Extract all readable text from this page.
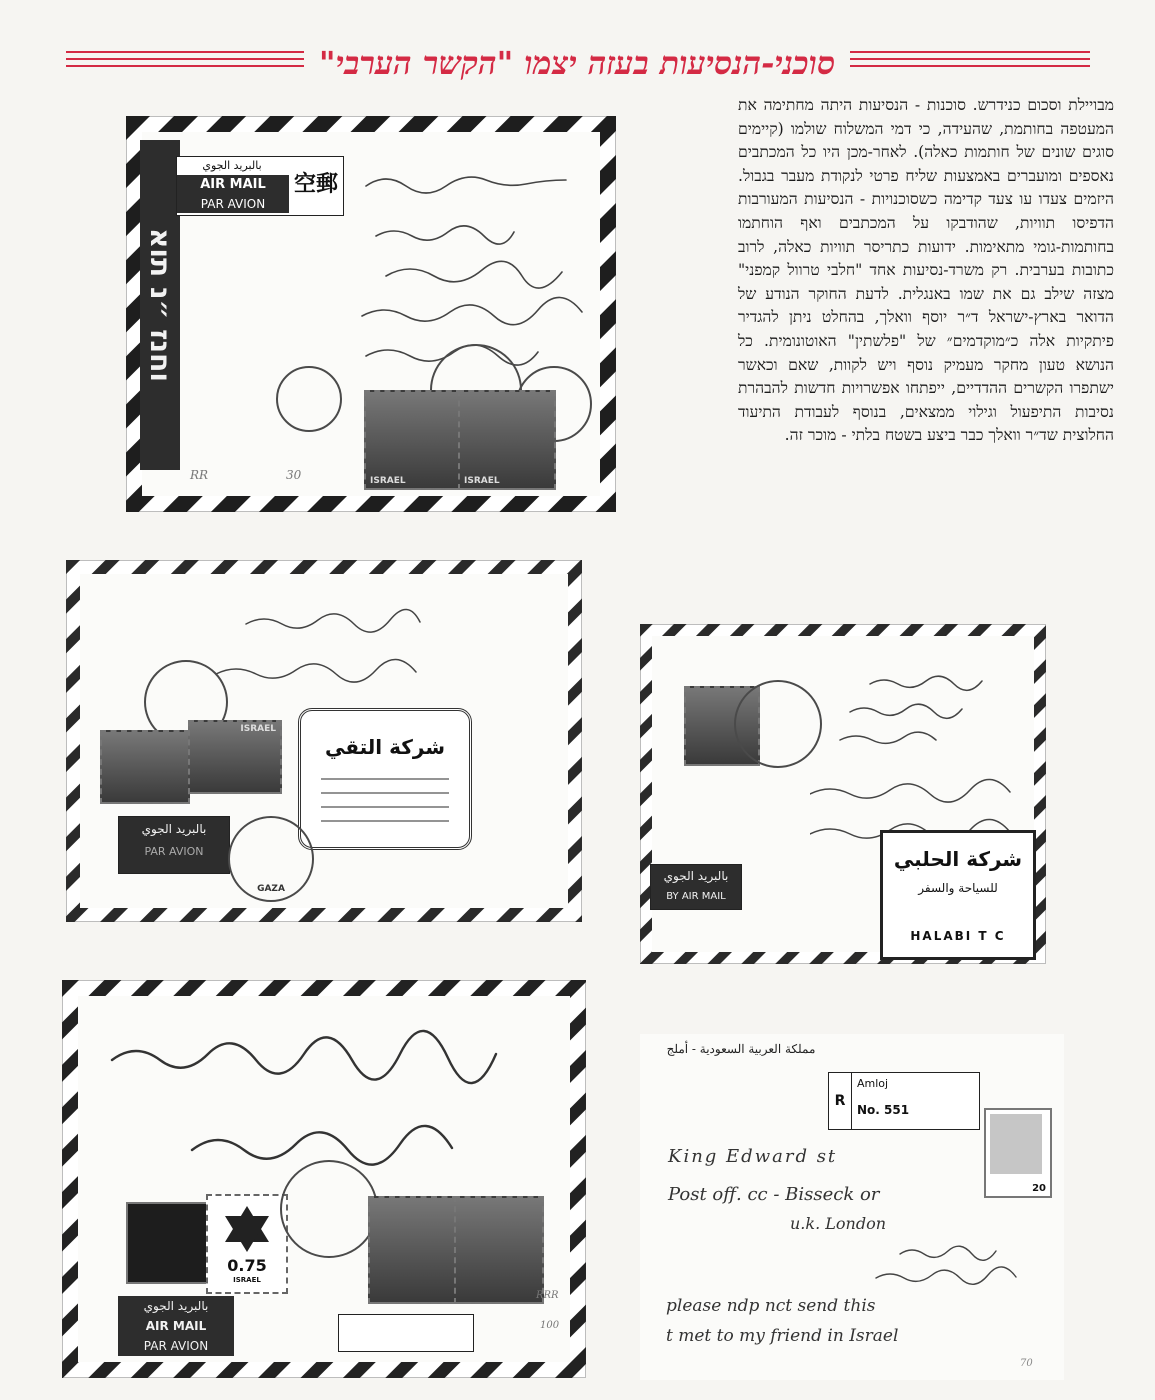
סוכני-הנסיעות בעזה יצמו "הקשר הערבי"
מבויילת וסכום כנידרש. סוכנות - הנסיעות היתה מחתימה את המעטפה בחותמת, שהעידה, כי דמי המשלוח שולמו (קיימים סוגים שונים של חותמות כאלה). לאחר-מכן היו כל המכתבים נאספים ומועברים באמצעות שליח פרטי לנקודת מעבר בגבול. היזמים צעדו עו צעד קדימה כשסוכנויות - הנסיעות המעורבות הדפיסו תוויות, שהודבקו על המכתבים ואף הוחתמו בחותמות-גומי מתאימות. ידועות כתריסר תוויות כאלה, לרוב כתובות בערבית. רק משרד-נסיעות אחד "חלבי טרוול קמפני" מצזה שילב גם את שמו באנגלית. לדעת החוקר הנודע של הדואר בארץ-ישראל ד״ר יוסף וואלך, בהחלט ניתן להגדיר פיתקיות אלה כ״מוקדמים״ של "פלשתין" האוטונומית. כל הנושא טעון מחקר מעמיק נוסף ויש לקוות, שאם וכאשר ישתפרו הקשרים ההדדיים, ייפתחו אפשרויות חדשות להבהרת נסיבות התיפעול וגילוי ממצאים, בנוסף לעבודת התיעוד החלוצית שד״ר וואלך כבר ביצע בשטח בלתי - מוכר זה.
וחנז ״נ תוא
بالبريد الجوي
AIR MAIL
PAR AVION
空郵
ISRAEL	ISRAEL
RR	30
ISRAEL
شركة التقي
بالبريد الجوي
PAR AVION
GAZA
بالبريد الجوي
BY AIR MAIL
شركة الحلبي
للسياحة والسفر
HALABI T C
0.75
ISRAEL
بالبريد الجوي
AIR MAIL
PAR AVION
RRR
100
مملكة العربية السعودية - أملج
R
Amloj
No. 551
20
King Edward st
Post off. cc - Bisseck or
u.k. London
please ndp nct send this
t met to my friend in Israel
70
